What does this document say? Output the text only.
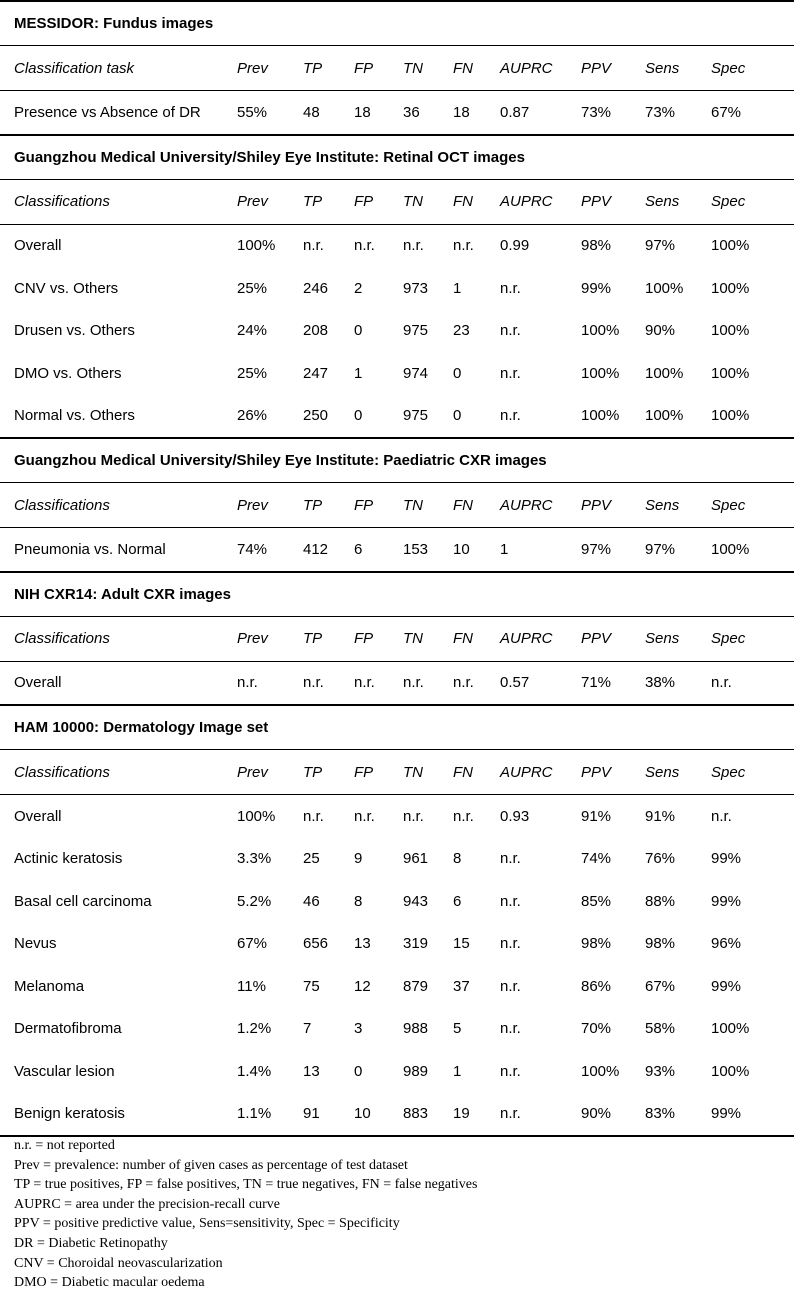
MESSIDOR: Fundus images									
Classification task	Prev	TP	FP	TN	FN	AUPRC	PPV	Sens	Spec
Presence vs Absence of DR	55%	48	18	36	18	0.87	73%	73%	67%
Guangzhou Medical University/Shiley Eye Institute: Retinal OCT images									
Classifications	Prev	TP	FP	TN	FN	AUPRC	PPV	Sens	Spec
Overall	100%	n.r.	n.r.	n.r.	n.r.	0.99	98%	97%	100%
CNV vs. Others	25%	246	2	973	1	n.r.	99%	100%	100%
Drusen vs. Others	24%	208	0	975	23	n.r.	100%	90%	100%
DMO vs. Others	25%	247	1	974	0	n.r.	100%	100%	100%
Normal vs. Others	26%	250	0	975	0	n.r.	100%	100%	100%
Guangzhou Medical University/Shiley Eye Institute: Paediatric CXR images									
Classifications	Prev	TP	FP	TN	FN	AUPRC	PPV	Sens	Spec
Pneumonia vs. Normal	74%	412	6	153	10	1	97%	97%	100%
NIH CXR14: Adult CXR images									
Classifications	Prev	TP	FP	TN	FN	AUPRC	PPV	Sens	Spec
Overall	n.r.	n.r.	n.r.	n.r.	n.r.	0.57	71%	38%	n.r.
HAM 10000: Dermatology Image set									
Classifications	Prev	TP	FP	TN	FN	AUPRC	PPV	Sens	Spec
Overall	100%	n.r.	n.r.	n.r.	n.r.	0.93	91%	91%	n.r.
Actinic keratosis	3.3%	25	9	961	8	n.r.	74%	76%	99%
Basal cell carcinoma	5.2%	46	8	943	6	n.r.	85%	88%	99%
Nevus	67%	656	13	319	15	n.r.	98%	98%	96%
Melanoma	11%	75	12	879	37	n.r.	86%	67%	99%
Dermatofibroma	1.2%	7	3	988	5	n.r.	70%	58%	100%
Vascular lesion	1.4%	13	0	989	1	n.r.	100%	93%	100%
Benign keratosis	1.1%	91	10	883	19	n.r.	90%	83%	99%
n.r. = not reported
Prev = prevalence: number of given cases as percentage of test dataset
TP = true positives, FP = false positives, TN = true negatives, FN = false negatives
AUPRC = area under the precision-recall curve
PPV = positive predictive value, Sens=sensitivity, Spec = Specificity
DR = Diabetic Retinopathy
CNV = Choroidal neovascularization
DMO = Diabetic macular oedema
